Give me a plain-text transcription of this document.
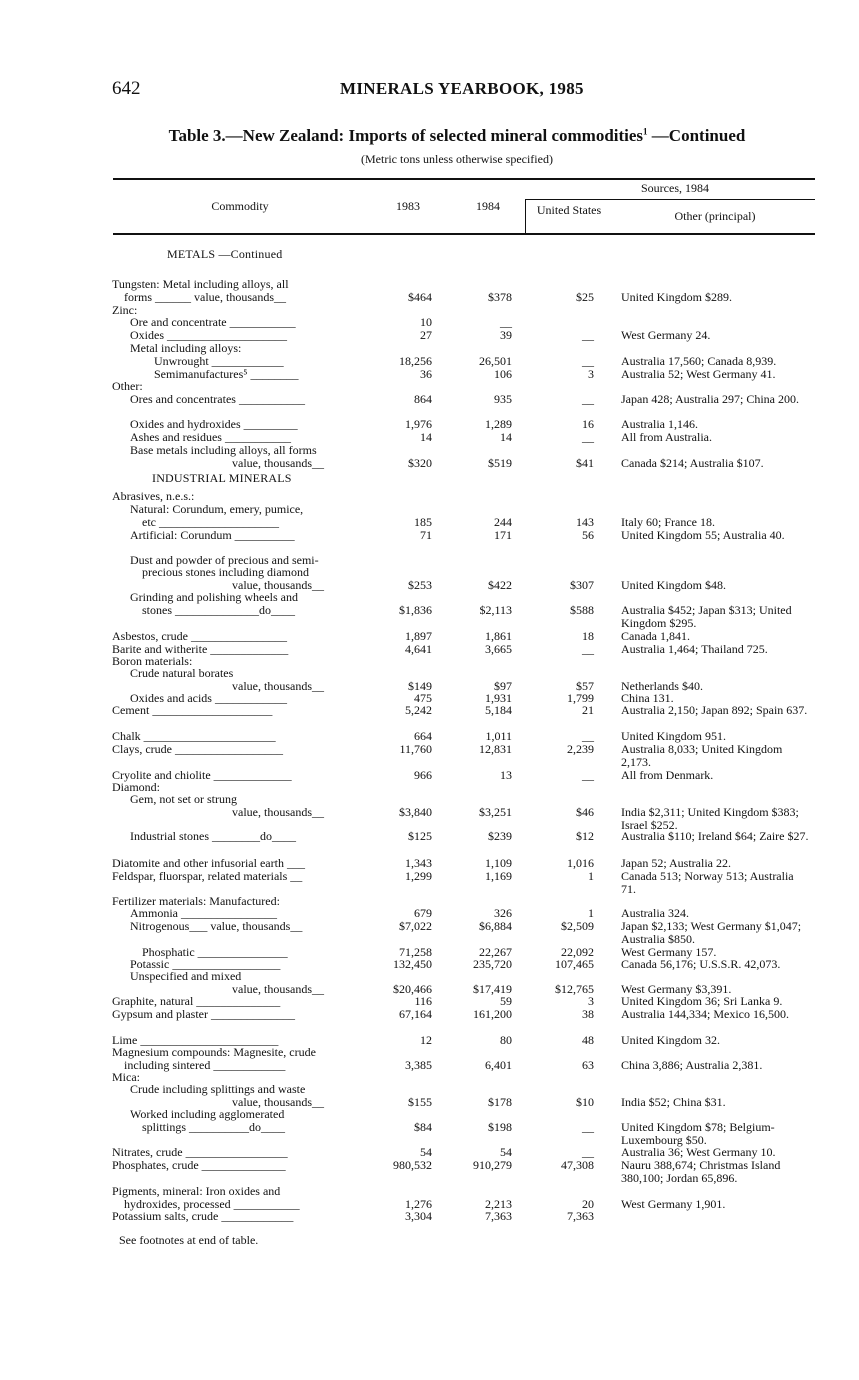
642	MINERALS YEARBOOK, 1985
Table 3.—New Zealand: Imports of selected mineral commodities$^1$ —Continued
(Metric tons unless otherwise specified)
Commodity	1983	1984
Sources, 1984
United States	Other (principal)
METALS —Continued
Tungsten: Metal including alloys, all
forms ______ value, thousands__	$464	$378	$25 United Kingdom $289.
Zinc:
Ore and concentrate ___________	10	__
Oxides ____________________	27	39	__ West Germany 24.
Metal including alloys:
Unwrought ____________	18,256	26,501	__ Australia 17,560; Canada 8,939.
Semimanufactures⁵ ________	36	106	3 Australia 52; West Germany 41.
Other:
Ores and concentrates ___________	864	935	__ Japan 428; Australia 297; China 200.
Oxides and hydroxides _________	1,976	1,289	16 Australia 1,146.
Ashes and residues ___________	14	14	__ All from Australia.
Base metals including alloys, all forms
value, thousands__	$320	$519	$41 Canada $214; Australia $107.
INDUSTRIAL MINERALS
Abrasives, n.e.s.:
Natural: Corundum, emery, pumice,
etc ____________________	185	244	143 Italy 60; France 18.
Artificial: Corundum __________	71	171	56 United Kingdom 55; Australia 40.
Dust and powder of precious and semi-
precious stones including diamond
value, thousands__	$253	$422	$307 United Kingdom $48.
Grinding and polishing wheels and
stones ______________do____	$1,836	$2,113	$588 Australia $452; Japan $313; United Kingdom $295.
Asbestos, crude ________________	1,897	1,861	18 Canada 1,841.
Barite and witherite _____________	4,641	3,665	__ Australia 1,464; Thailand 725.
Boron materials:
Crude natural borates
value, thousands__	$149	$97	$57 Netherlands $40.
Oxides and acids ____________	475	1,931	1,799 China 131.
Cement ____________________	5,242	5,184	21 Australia 2,150; Japan 892; Spain 637.
Chalk ______________________	664	1,011	__ United Kingdom 951.
Clays, crude __________________	11,760	12,831	2,239 Australia 8,033; United Kingdom 2,173.
Cryolite and chiolite _____________	966	13	__ All from Denmark.
Diamond:
Gem, not set or strung
value, thousands__	$3,840	$3,251	$46 India $2,311; United Kingdom $383; Israel $252.
Industrial stones ________do____	$125	$239	$12 Australia $110; Ireland $64; Zaire $27.
Diatomite and other infusorial earth ___	1,343	1,109	1,016 Japan 52; Australia 22.
Feldspar, fluorspar, related materials __	1,299	1,169	1 Canada 513; Norway 513; Australia 71.
Fertilizer materials: Manufactured:
Ammonia ________________	679	326	1 Australia 324.
Nitrogenous___ value, thousands__	$7,022	$6,884	$2,509 Japan $2,133; West Germany $1,047; Australia $850.
Phosphatic _______________	71,258	22,267	22,092 West Germany 157.
Potassic __________________	132,450	235,720	107,465 Canada 56,176; U.S.S.R. 42,073.
Unspecified and mixed
value, thousands__	$20,466	$17,419	$12,765 West Germany $3,391.
Graphite, natural ______________	116	59	3 United Kingdom 36; Sri Lanka 9.
Gypsum and plaster ______________	67,164	161,200	38 Australia 144,334; Mexico 16,500.
Lime _______________________	12	80	48 United Kingdom 32.
Magnesium compounds: Magnesite, crude
including sintered ____________	3,385	6,401	63 China 3,886; Australia 2,381.
Mica:
Crude including splittings and waste
value, thousands__	$155	$178	$10 India $52; China $31.
Worked including agglomerated
splittings __________do____	$84	$198	__ United Kingdom $78; Belgium-Luxembourg $50.
Nitrates, crude _________________	54	54	__ Australia 36; West Germany 10.
Phosphates, crude ______________	980,532	910,279	47,308 Nauru 388,674; Christmas Island 380,100; Jordan 65,896.
Pigments, mineral: Iron oxides and
hydroxides, processed ___________	1,276	2,213	20 West Germany 1,901.
Potassium salts, crude ____________	3,304	7,363	7,363
See footnotes at end of table.
